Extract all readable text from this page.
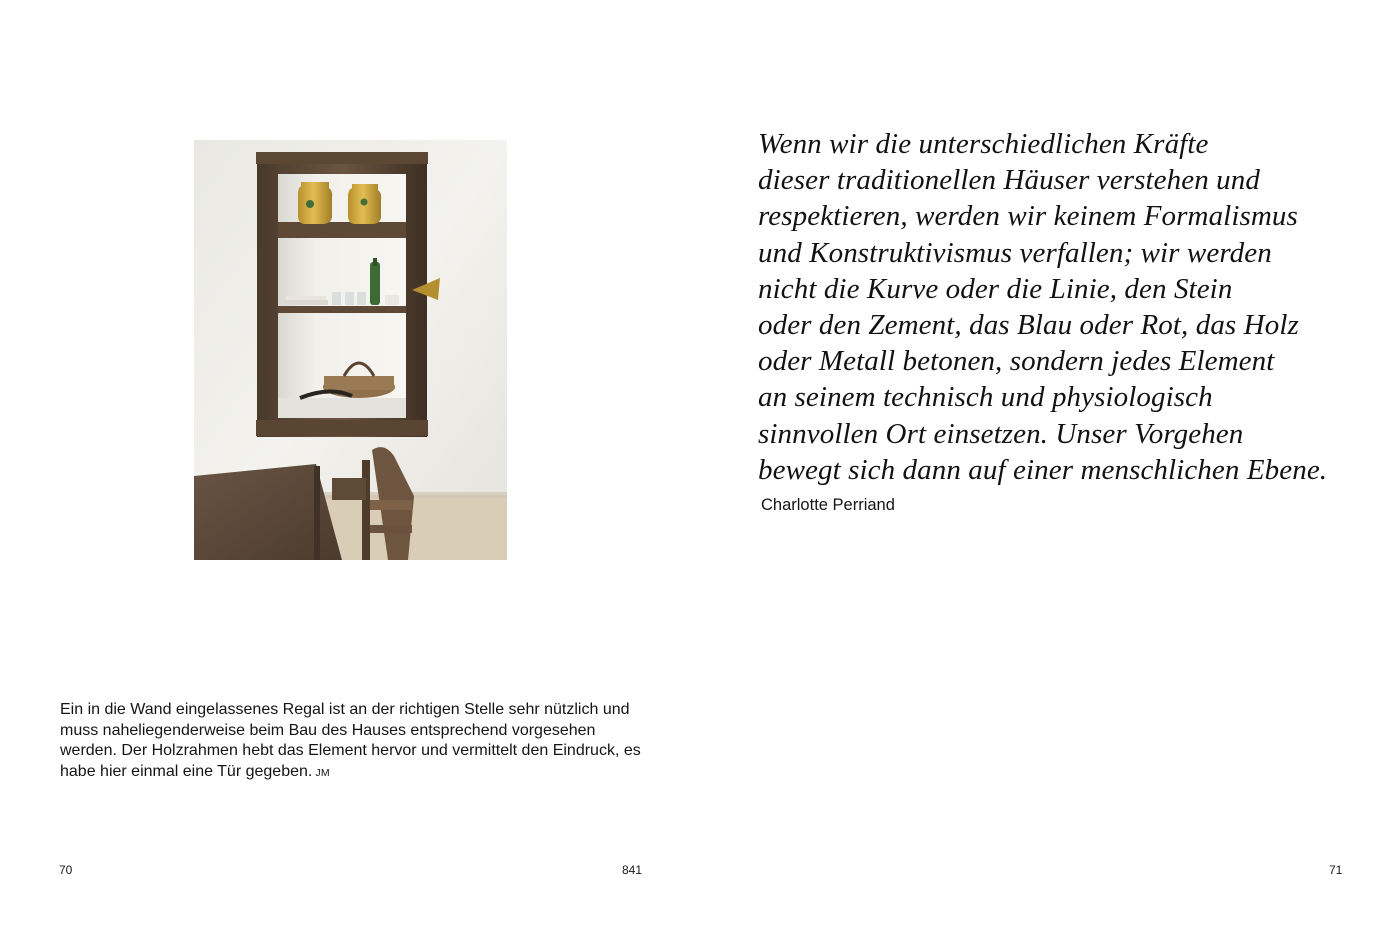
Ein in die Wand eingelassenes Regal ist an der richtigen Stelle sehr nützlich und muss naheliegenderweise beim Bau des Hauses entsprechend vorgesehen werden. Der Holzrahmen hebt das Element hervor und vermittelt den Eindruck, es habe hier einmal eine Tür gegeben. JM

Wenn wir die unterschiedlichen Kräfte
dieser traditionellen Häuser verstehen und
respektieren, werden wir keinem Formalismus
und Konstruktivismus verfallen; wir werden
nicht die Kurve oder die Linie, den Stein
oder den Zement, das Blau oder Rot, das Holz
oder Metall betonen, sondern jedes Element
an seinem technisch und physiologisch
sinnvollen Ort einsetzen. Unser Vorgehen
bewegt sich dann auf einer menschlichen Ebene.

Charlotte Perriand

70	841	71
